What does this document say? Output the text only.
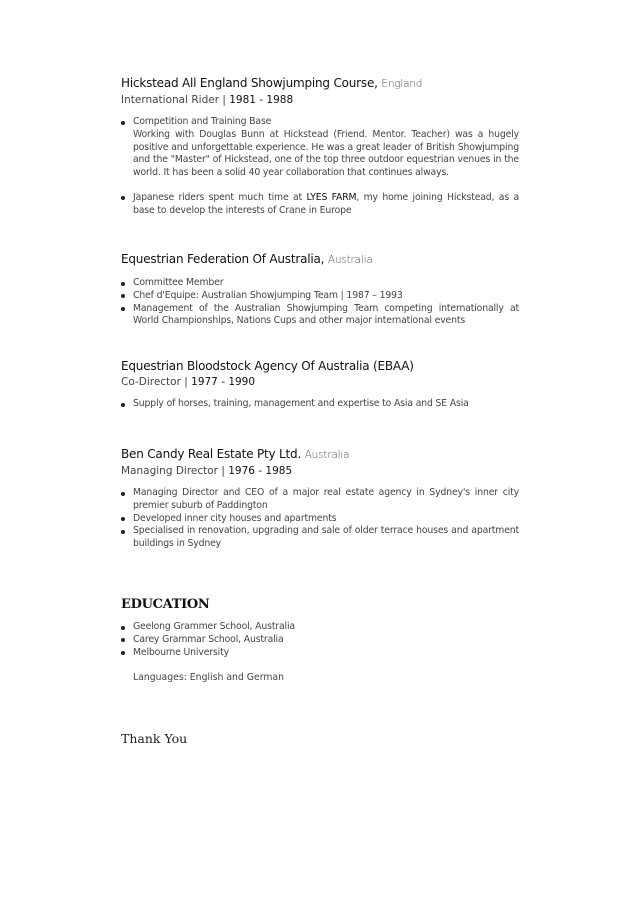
Hickstead All England Showjumping Course, England
International Rider | 1981 - 1988
Competition and Training Base
Working with Douglas Bunn at Hickstead (Friend. Mentor. Teacher) was a hugely positive and unforgettable experience. He was a great leader of British Showjumping and the "Master" of Hickstead, one of the top three outdoor equestrian venues in the world. It has been a solid 40 year collaboration that continues always.
Japanese riders spent much time at LYES FARM, my home joining Hickstead, as a base to develop the interests of Crane in Europe
Equestrian Federation Of Australia, Australia
Committee Member
Chef d'Equipe: Australian Showjumping Team | 1987 – 1993
Management of the Australian Showjumping Team competing internationally at World Championships, Nations Cups and other major international events
Equestrian Bloodstock Agency Of Australia (EBAA)
Co-Director | 1977 - 1990
Supply of horses, training, management and expertise to Asia and SE Asia
Ben Candy Real Estate Pty Ltd. Australia
Managing Director | 1976 - 1985
Managing Director and CEO of a major real estate agency in Sydney's inner city premier suburb of Paddington
Developed inner city houses and apartments
Specialised in renovation, upgrading and sale of older terrace houses and apartment buildings in Sydney
EDUCATION
Geelong Grammer School, Australia
Carey Grammar School, Australia
Melbourne University
Languages: English and German
Thank You
